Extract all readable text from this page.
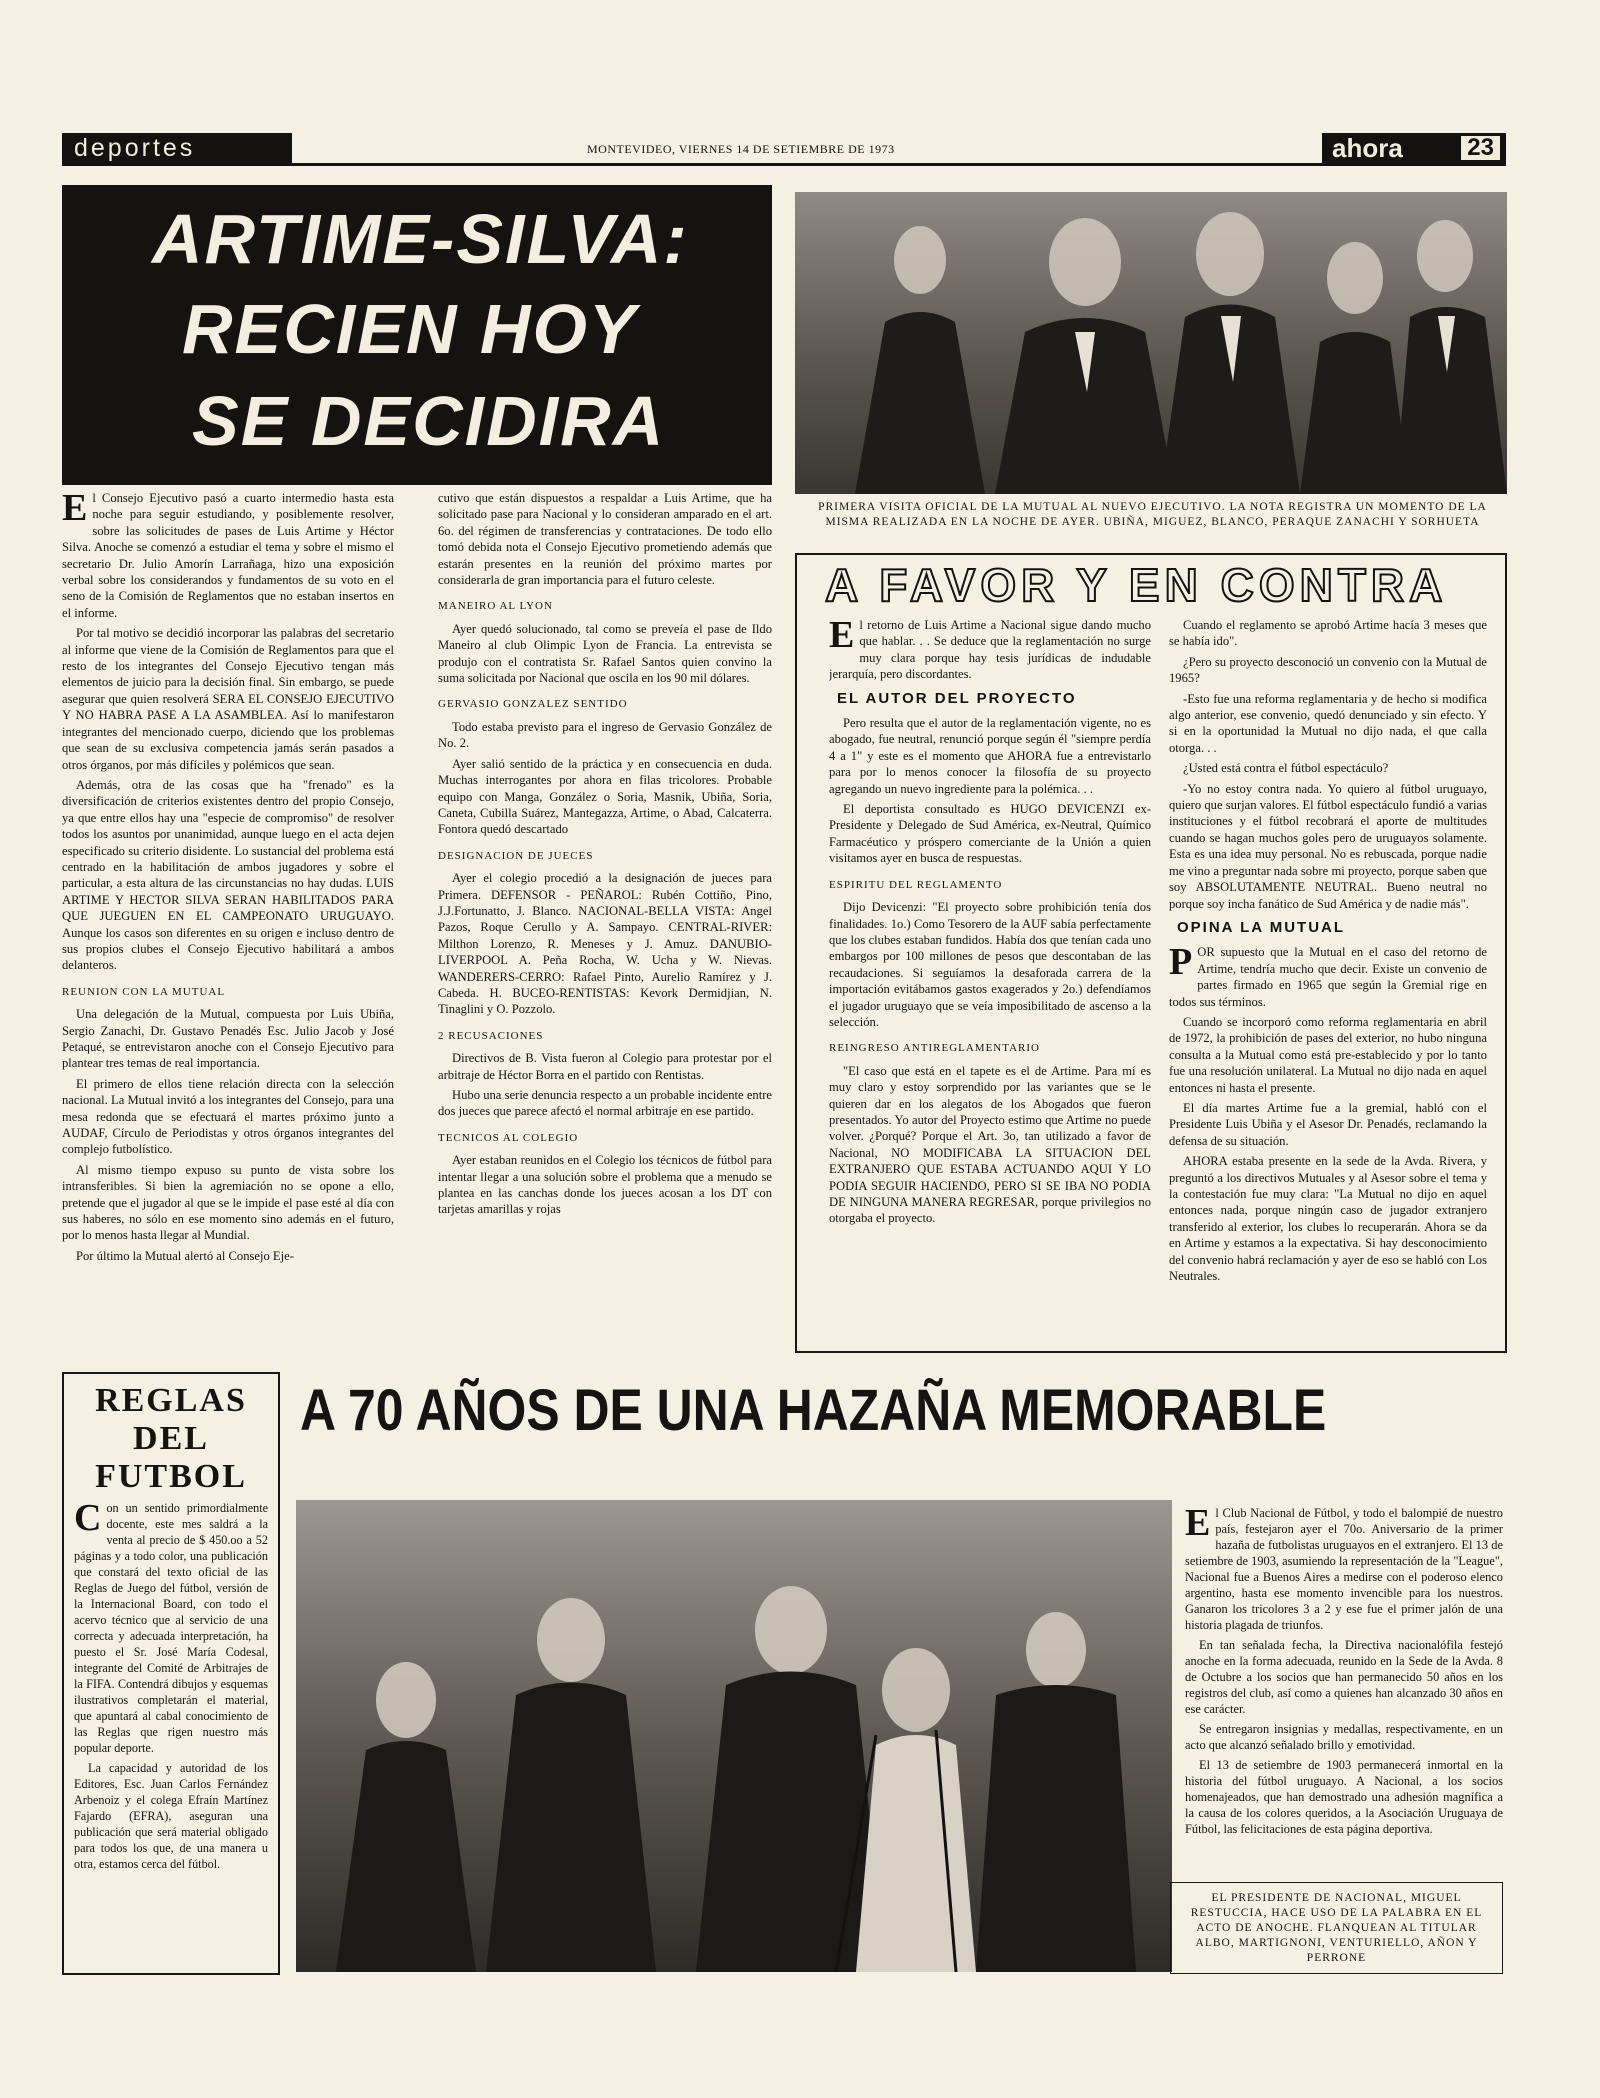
deportes	MONTEVIDEO, VIERNES 14 DE SETIEMBRE DE 1973	ahora	23
ARTIME-SILVA:
RECIEN HOY
SE DECIDIRA

El Consejo Ejecutivo pasó a cuarto intermedio hasta esta noche para seguir estudiando, y posiblemente resolver, sobre las solicitudes de pases de Luis Artime y Héctor Silva. Anoche se comenzó a estudiar el tema y sobre el mismo el secretario Dr. Julio Amorín Larrañaga, hizo una exposición verbal sobre los considerandos y fundamentos de su voto en el seno de la Comisión de Reglamentos que no estaban insertos en el informe.

Por tal motivo se decidió incorporar las palabras del secretario al informe que viene de la Comisión de Reglamentos para que el resto de los integrantes del Consejo Ejecutivo tengan más elementos de juicio para la decisión final. Sin embargo, se puede asegurar que quien resolverá SERA EL CONSEJO EJECUTIVO Y NO HABRA PASE A LA ASAMBLEA. Así lo manifestaron integrantes del mencionado cuerpo, diciendo que los problemas que sean de su exclusiva competencia jamás serán pasados a otros órganos, por más difíciles y polémicos que sean.

Además, otra de las cosas que ha "frenado" es la diversificación de criterios existentes dentro del propio Consejo, ya que entre ellos hay una "especie de compromiso" de resolver todos los asuntos por unanimidad, aunque luego en el acta dejen especificado su criterio disidente. Lo sustancial del problema está centrado en la habilitación de ambos jugadores y sobre el particular, a esta altura de las circunstancias no hay dudas. LUIS ARTIME Y HECTOR SILVA SERAN HABILITADOS PARA QUE JUEGUEN EN EL CAMPEONATO URUGUAYO. Aunque los casos son diferentes en su origen e incluso dentro de sus propios clubes el Consejo Ejecutivo habilitará a ambos delanteros.

REUNION CON LA MUTUAL

Una delegación de la Mutual, compuesta por Luis Ubiña, Sergio Zanachi, Dr. Gustavo Penadés Esc. Julio Jacob y José Petaqué, se entrevistaron anoche con el Consejo Ejecutivo para plantear tres temas de real importancia.

El primero de ellos tiene relación directa con la selección nacional. La Mutual invitó a los integrantes del Consejo, para una mesa redonda que se efectuará el martes próximo junto a AUDAF, Círculo de Periodistas y otros órganos integrantes del complejo futbolístico.

Al mismo tiempo expuso su punto de vista sobre los intransferibles. Si bien la agremiación no se opone a ello, pretende que el jugador al que se le impide el pase esté al día con sus haberes, no sólo en ese momento sino además en el futuro, por lo menos hasta llegar al Mundial.

Por último la Mutual alertó al Consejo Eje-

cutivo que están dispuestos a respaldar a Luis Artime, que ha solicitado pase para Nacional y lo consideran amparado en el art. 6o. del régimen de transferencias y contrataciones. De todo ello tomó debida nota el Consejo Ejecutivo prometiendo además que estarán presentes en la reunión del próximo martes por considerarla de gran importancia para el futuro celeste.

MANEIRO AL LYON

Ayer quedó solucionado, tal como se preveía el pase de Ildo Maneiro al club Olimpic Lyon de Francia. La entrevista se produjo con el contratista Sr. Rafael Santos quien convino la suma solicitada por Nacional que oscila en los 90 mil dólares.

GERVASIO GONZALEZ SENTIDO

Todo estaba previsto para el ingreso de Gervasio González de No. 2.

Ayer salió sentido de la práctica y en consecuencia en duda. Muchas interrogantes por ahora en filas tricolores. Probable equipo con Manga, González o Soria, Masnik, Ubiña, Soria, Caneta, Cubilla Suárez, Mantegazza, Artime, o Abad, Calcaterra. Fontora quedó descartado

DESIGNACION DE JUECES

Ayer el colegio procedió a la designación de jueces para Primera. DEFENSOR - PEÑAROL: Rubén Cottiño, Pino, J.J.Fortunatto, J. Blanco. NACIONAL-BELLA VISTA: Angel Pazos, Roque Cerullo y A. Sampayo. CENTRAL-RIVER: Milthon Lorenzo, R. Meneses y J. Amuz. DANUBIO-LIVERPOOL A. Peña Rocha, W. Ucha y W. Nievas. WANDERERS-CERRO: Rafael Pinto, Aurelio Ramírez y J. Cabeda. H. BUCEO-RENTISTAS: Kevork Dermidjian, N. Tinaglini y O. Pozzolo.

2 RECUSACIONES

Directivos de B. Vista fueron al Colegio para protestar por el arbitraje de Héctor Borra en el partido con Rentistas.

Hubo una serie denuncia respecto a un probable incidente entre dos jueces que parece afectó el normal arbitraje en ese partido.

TECNICOS AL COLEGIO

Ayer estaban reunidos en el Colegio los técnicos de fútbol para intentar llegar a una solución sobre el problema que a menudo se plantea en las canchas donde los jueces acosan a los DT con tarjetas amarillas y rojas

PRIMERA VISITA OFICIAL DE LA MUTUAL AL NUEVO EJECUTIVO. LA NOTA REGISTRA UN MOMENTO DE LA MISMA REALIZADA EN LA NOCHE DE AYER. UBIÑA, MIGUEZ, BLANCO, PERAQUE ZANACHI Y SORHUETA
A FAVOR Y EN CONTRA

El retorno de Luis Artime a Nacional sigue dando mucho que hablar. . . Se deduce que la reglamentación no surge muy clara porque hay tesis jurídicas de indudable jerarquía, pero discordantes.

EL AUTOR DEL PROYECTO

Pero resulta que el autor de la reglamentación vigente, no es abogado, fue neutral, renunció porque según él "siempre perdía 4 a 1" y este es el momento que AHORA fue a entrevistarlo para por lo menos conocer la filosofía de su proyecto agregando un nuevo ingrediente para la polémica. . .

El deportista consultado es HUGO DEVICENZI ex-Presidente y Delegado de Sud América, ex-Neutral, Químico Farmacéutico y próspero comerciante de la Unión a quien visitamos ayer en busca de respuestas.

ESPIRITU DEL REGLAMENTO

Dijo Devicenzi: "El proyecto sobre prohibición tenía dos finalidades. 1o.) Como Tesorero de la AUF sabía perfectamente que los clubes estaban fundidos. Había dos que tenían cada uno embargos por 100 millones de pesos que descontaban de las recaudaciones. Si seguíamos la desaforada carrera de la importación evitábamos gastos exagerados y 2o.) defendíamos el jugador uruguayo que se veía imposibilitado de ascenso a la selección.

REINGRESO ANTIREGLAMENTARIO

"El caso que está en el tapete es el de Artime. Para mí es muy claro y estoy sorprendido por las variantes que se le quieren dar en los alegatos de los Abogados que fueron presentados. Yo autor del Proyecto estimo que Artime no puede volver. ¿Porqué? Porque el Art. 3o, tan utilizado a favor de Nacional, NO MODIFICABA LA SITUACION DEL EXTRANJERO QUE ESTABA ACTUANDO AQUI Y LO PODIA SEGUIR HACIENDO, PERO SI SE IBA NO PODIA DE NINGUNA MANERA REGRESAR, porque privilegios no otorgaba el proyecto.

Cuando el reglamento se aprobó Artime hacía 3 meses que se había ido".

¿Pero su proyecto desconoció un convenio con la Mutual de 1965?

-Esto fue una reforma reglamentaria y de hecho si modifica algo anterior, ese convenio, quedó denunciado y sin efecto. Y si en la oportunidad la Mutual no dijo nada, el que calla otorga. . .

¿Usted está contra el fútbol espectáculo?

-Yo no estoy contra nada. Yo quiero al fútbol uruguayo, quiero que surjan valores. El fútbol espectáculo fundió a varias instituciones y el fútbol recobrará el aporte de multitudes cuando se hagan muchos goles pero de uruguayos solamente. Esta es una idea muy personal. No es rebuscada, porque nadie me vino a preguntar nada sobre mi proyecto, porque saben que soy ABSOLUTAMENTE NEUTRAL. Bueno neutral no porque soy inchа fanático de Sud América y de nadie más".

OPINA LA MUTUAL

POR supuesto que la Mutual en el caso del retorno de Artime, tendría mucho que decir. Existe un convenio de partes firmado en 1965 que según la Gremial rige en todos sus términos.

Cuando se incorporó como reforma reglamentaria en abril de 1972, la prohibición de pases del exterior, no hubo ninguna consulta a la Mutual como está pre-establecido y por lo tanto fue una resolución unilateral. La Mutual no dijo nada en aquel entonces ni hasta el presente.

El día martes Artime fue a la gremial, habló con el Presidente Luis Ubiña y el Asesor Dr. Penadés, reclamando la defensa de su situación.

AHORA estaba presente en la sede de la Avda. Rivera, y preguntó a los directivos Mutuales y al Asesor sobre el tema y la contestación fue muy clara: "La Mutual no dijo en aquel entonces nada, porque ningún caso de jugador extranjero transferido al exterior, los clubes lo recuperarán. Ahora se da en Artime y estamos a la expectativa. Si hay desconocimiento del convenio habrá reclamación y ayer de eso se habló con Los Neutrales.

REGLAS
DEL
FUTBOL

Con un sentido primordialmente docente, este mes saldrá a la venta al precio de $ 450.oo a 52 páginas y a todo color, una publicación que constará del texto oficial de las Reglas de Juego del fútbol, versión de la Internacional Board, con todo el acervo técnico que al servicio de una correcta y adecuada interpretación, ha puesto el Sr. José María Codesal, integrante del Comité de Arbitrajes de la FIFA. Contendrá dibujos y esquemas ilustrativos completarán el material, que apuntará al cabal conocimiento de las Reglas que rigen nuestro más popular deporte.

La capacidad y autoridad de los Editores, Esc. Juan Carlos Fernández Arbenoiz y el colega Efraín Martínez Fajardo (EFRA), aseguran una publicación que será material obligado para todos los que, de una manera u otra, estamos cerca del fútbol.

A 70 AÑOS DE UNA HAZAÑA MEMORABLE

El Club Nacional de Fútbol, y todo el balompié de nuestro país, festejaron ayer el 70o. Aniversario de la primer hazaña de futbolistas uruguayos en el extranjero. El 13 de setiembre de 1903, asumiendo la representación de la "League", Nacional fue a Buenos Aires a medirse con el poderoso elenco argentino, hasta ese momento invencible para los nuestros. Ganaron los tricolores 3 a 2 y ese fue el primer jalón de una historia plagada de triunfos.

En tan señalada fecha, la Directiva nacionalófila festejó anoche en la forma adecuada, reunido en la Sede de la Avda. 8 de Octubre a los socios que han permanecido 50 años en los registros del club, así como a quienes han alcanzado 30 años en ese carácter.

Se entregaron insignias y medallas, respectivamente, en un acto que alcanzó señalado brillo y emotividad.

El 13 de setiembre de 1903 permanecerá inmortal en la historia del fútbol uruguayo. A Nacional, a los socios homenajeados, que han demostrado una adhesión magnífica a la causa de los colores queridos, a la Asociación Uruguaya de Fútbol, las felicitaciones de esta página deportiva.

EL PRESIDENTE DE NACIONAL, MIGUEL RESTUCCIA, HACE USO DE LA PALABRA EN EL ACTO DE ANOCHE. FLANQUEAN AL TITULAR ALBO, MARTIGNONI, VENTURIELLO, AÑON Y PERRONE
